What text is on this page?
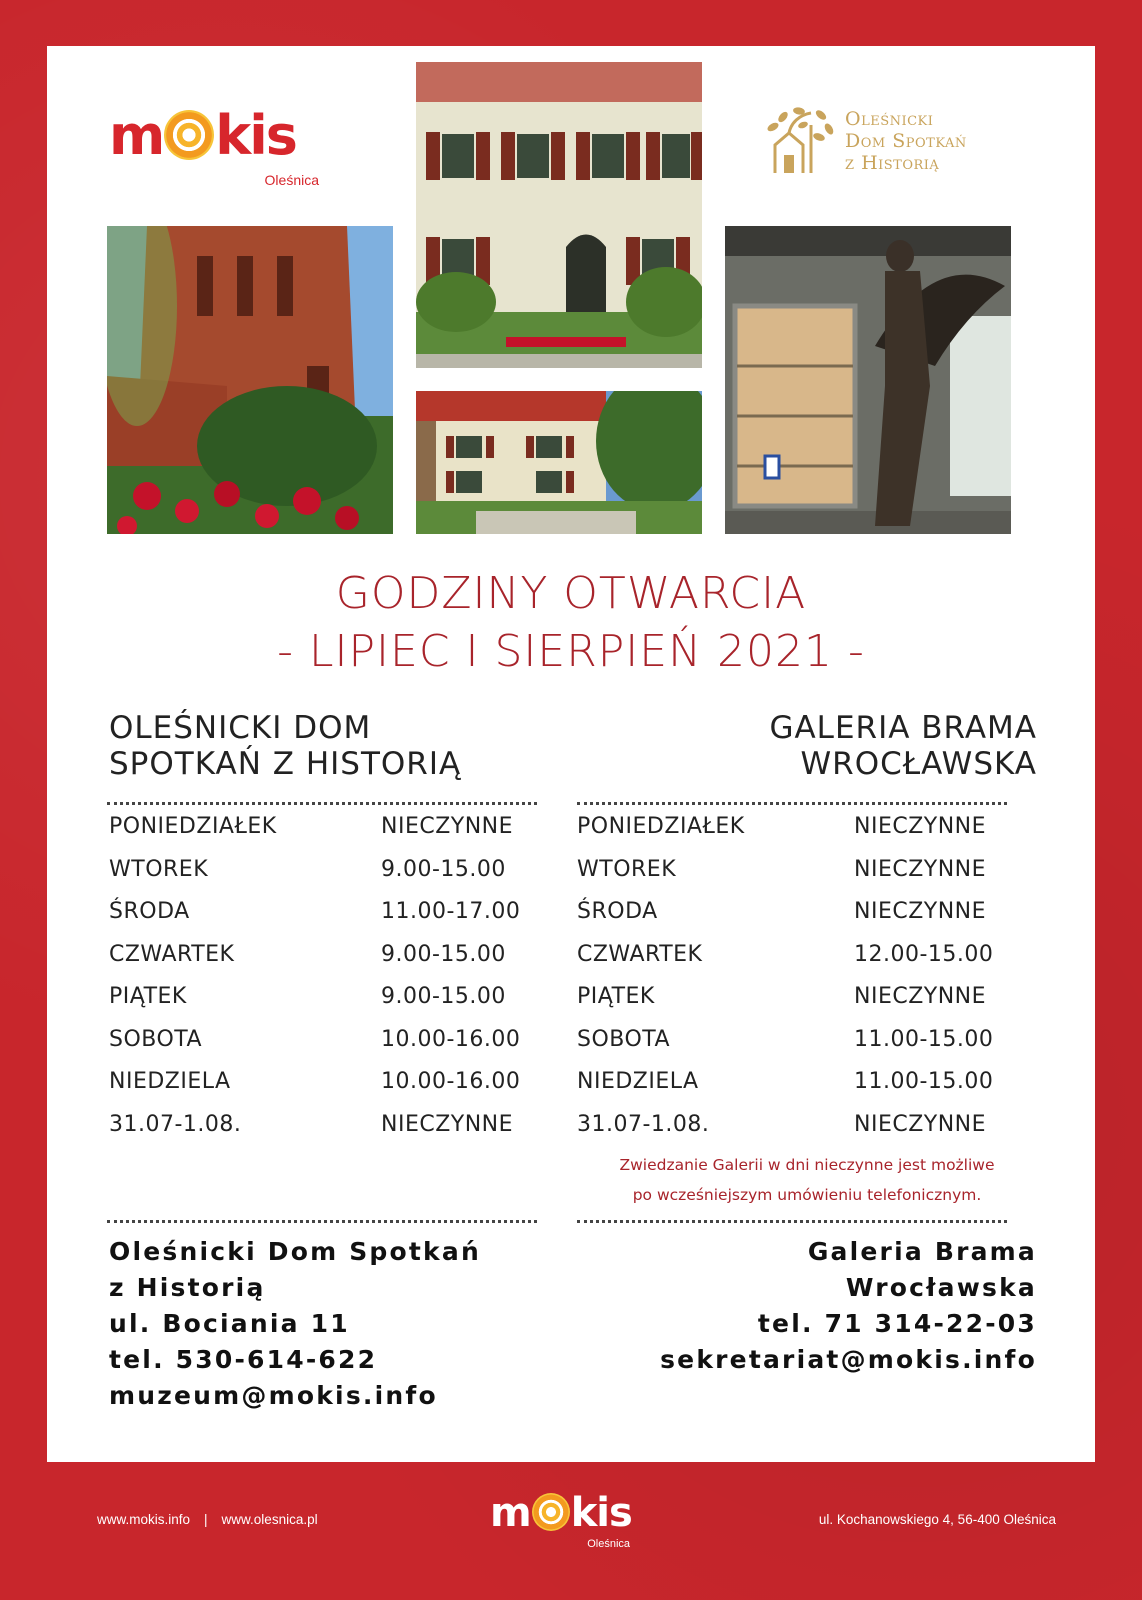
m kis
Oleśnica
Oleśnicki
Dom Spotkań
z Historią
GODZINY OTWARCIA
- LIPIEC I SIERPIEŃ 2021 -
OLEŚNICKI DOM
SPOTKAŃ Z HISTORIĄ
GALERIA BRAMA
WROCŁAWSKA
PONIEDZIAŁEK	NIECZYNNE
WTOREK	9.00-15.00
ŚRODA	11.00-17.00
CZWARTEK	9.00-15.00
PIĄTEK	9.00-15.00
SOBOTA	10.00-16.00
NIEDZIELA	10.00-16.00
31.07-1.08.	NIECZYNNE
PONIEDZIAŁEK	NIECZYNNE
WTOREK	NIECZYNNE
ŚRODA	NIECZYNNE
CZWARTEK	12.00-15.00
PIĄTEK	NIECZYNNE
SOBOTA	11.00-15.00
NIEDZIELA	11.00-15.00
31.07-1.08.	NIECZYNNE
Zwiedzanie Galerii w dni nieczynne jest możliwe
po wcześniejszym umówieniu telefonicznym.
Oleśnicki Dom Spotkań
z Historią
ul. Bociania 11
tel. 530-614-622
muzeum@mokis.info
Galeria Brama
Wrocławska
tel. 71 314-22-03
sekretariat@mokis.info
www.mokis.info | www.olesnica.pl	ul. Kochanowskiego 4, 56-400 Oleśnica
m kis
Oleśnica
